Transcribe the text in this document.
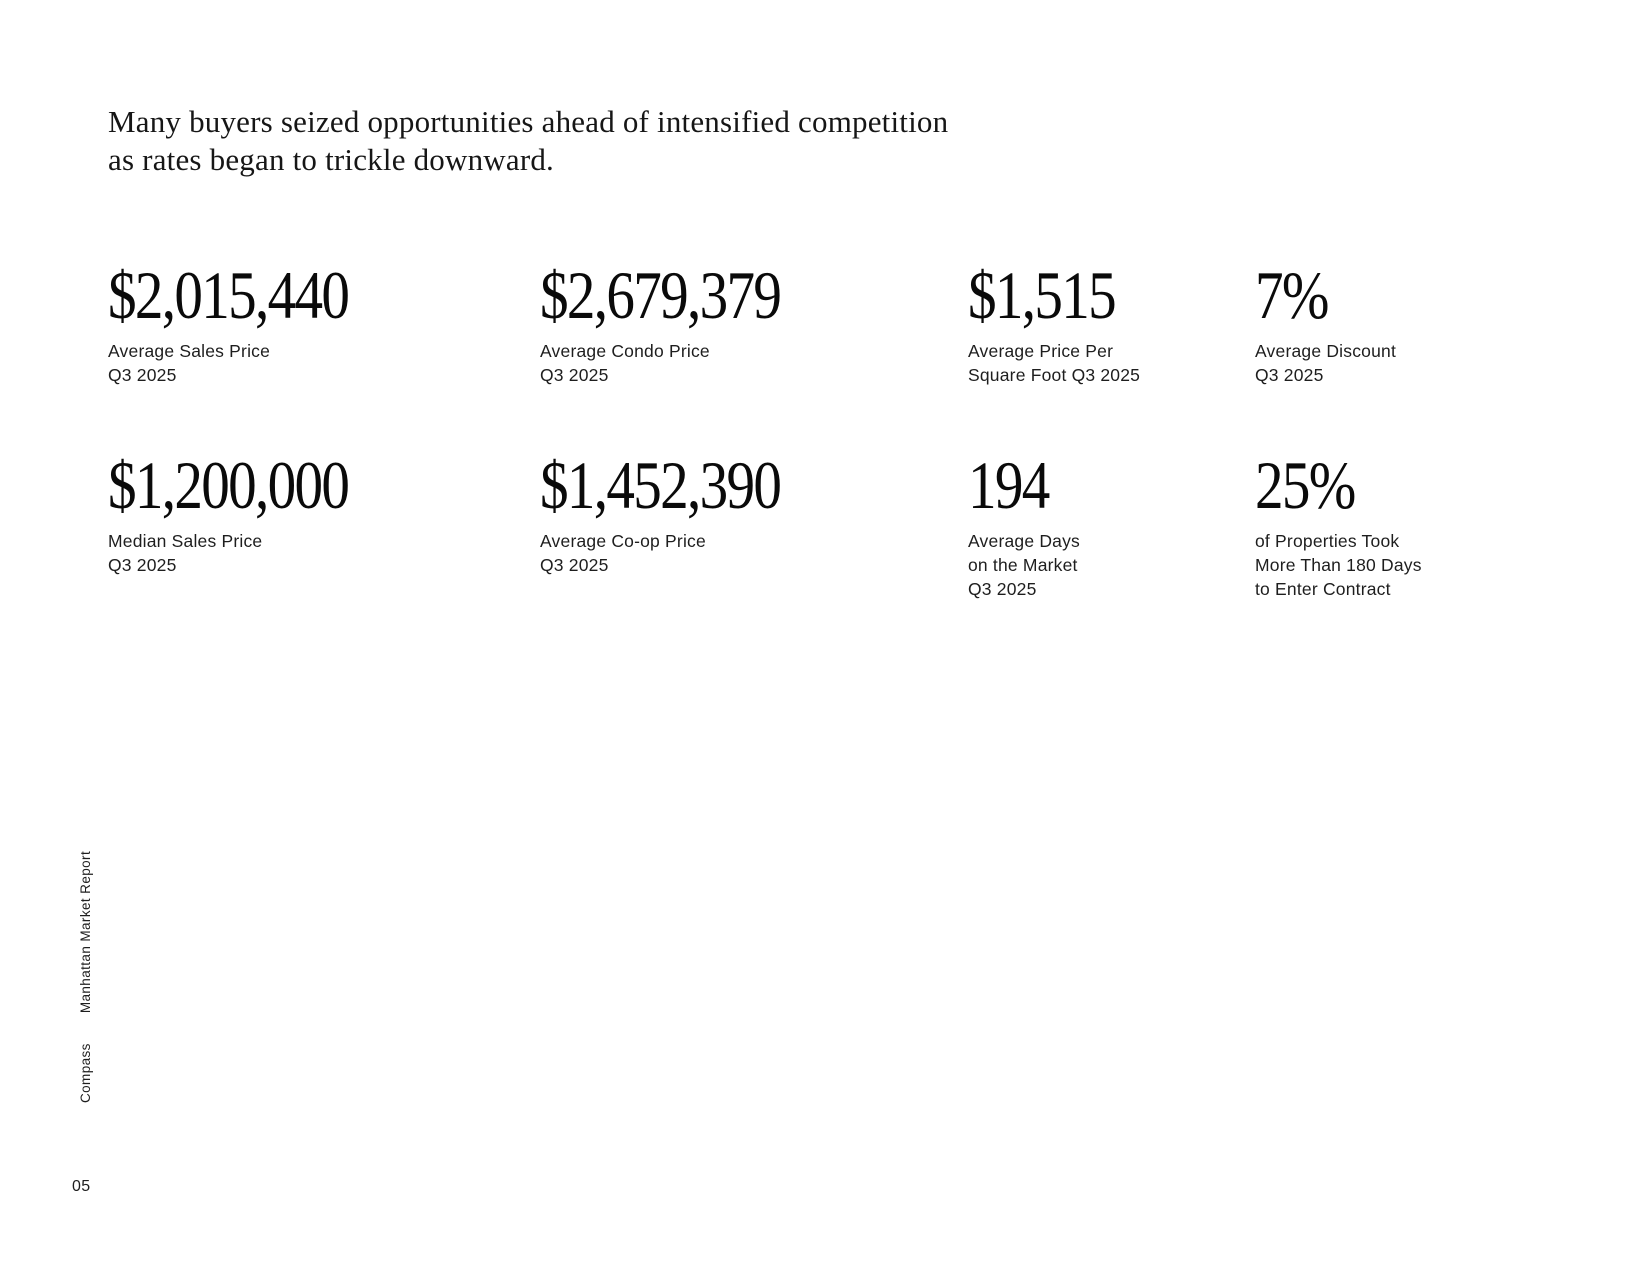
Many buyers seized opportunities ahead of intensified competition
as rates began to trickle downward.
$2,015,440
Average Sales Price
Q3 2025
$2,679,379
Average Condo Price
Q3 2025
$1,515
Average Price Per
Square Foot Q3 2025
7%
Average Discount
Q3 2025
$1,200,000
Median Sales Price
Q3 2025
$1,452,390
Average Co-op Price
Q3 2025
194
Average Days
on the Market
Q3 2025
25%
of Properties Took
More Than 180 Days
to Enter Contract
CompassManhattan Market Report
05
